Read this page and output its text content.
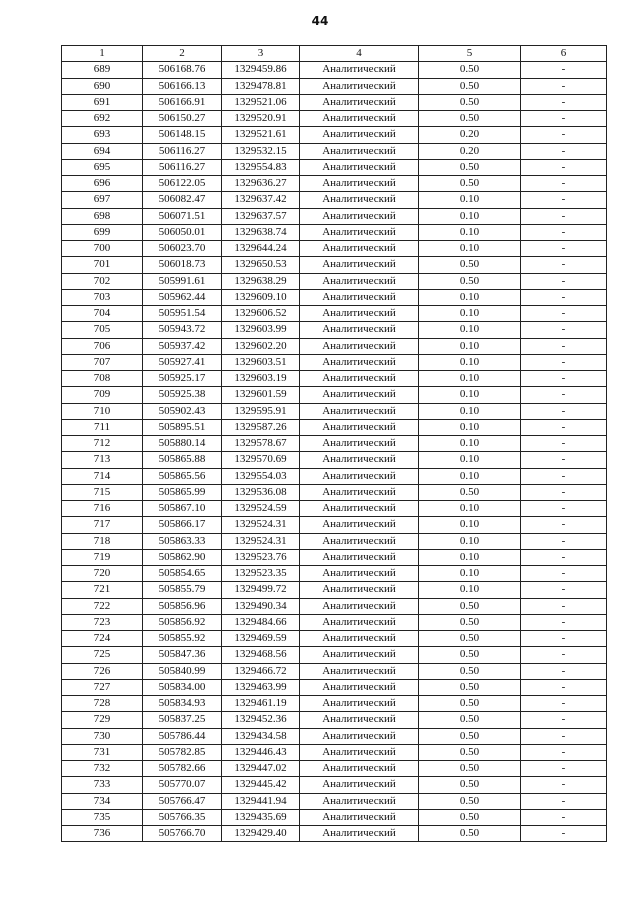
44
1	2	3	4	5	6
689	506168.76	1329459.86	Аналитический	0.50	-
690	506166.13	1329478.81	Аналитический	0.50	-
691	506166.91	1329521.06	Аналитический	0.50	-
692	506150.27	1329520.91	Аналитический	0.50	-
693	506148.15	1329521.61	Аналитический	0.20	-
694	506116.27	1329532.15	Аналитический	0.20	-
695	506116.27	1329554.83	Аналитический	0.50	-
696	506122.05	1329636.27	Аналитический	0.50	-
697	506082.47	1329637.42	Аналитический	0.10	-
698	506071.51	1329637.57	Аналитический	0.10	-
699	506050.01	1329638.74	Аналитический	0.10	-
700	506023.70	1329644.24	Аналитический	0.10	-
701	506018.73	1329650.53	Аналитический	0.50	-
702	505991.61	1329638.29	Аналитический	0.50	-
703	505962.44	1329609.10	Аналитический	0.10	-
704	505951.54	1329606.52	Аналитический	0.10	-
705	505943.72	1329603.99	Аналитический	0.10	-
706	505937.42	1329602.20	Аналитический	0.10	-
707	505927.41	1329603.51	Аналитический	0.10	-
708	505925.17	1329603.19	Аналитический	0.10	-
709	505925.38	1329601.59	Аналитический	0.10	-
710	505902.43	1329595.91	Аналитический	0.10	-
711	505895.51	1329587.26	Аналитический	0.10	-
712	505880.14	1329578.67	Аналитический	0.10	-
713	505865.88	1329570.69	Аналитический	0.10	-
714	505865.56	1329554.03	Аналитический	0.10	-
715	505865.99	1329536.08	Аналитический	0.50	-
716	505867.10	1329524.59	Аналитический	0.10	-
717	505866.17	1329524.31	Аналитический	0.10	-
718	505863.33	1329524.31	Аналитический	0.10	-
719	505862.90	1329523.76	Аналитический	0.10	-
720	505854.65	1329523.35	Аналитический	0.10	-
721	505855.79	1329499.72	Аналитический	0.10	-
722	505856.96	1329490.34	Аналитический	0.50	-
723	505856.92	1329484.66	Аналитический	0.50	-
724	505855.92	1329469.59	Аналитический	0.50	-
725	505847.36	1329468.56	Аналитический	0.50	-
726	505840.99	1329466.72	Аналитический	0.50	-
727	505834.00	1329463.99	Аналитический	0.50	-
728	505834.93	1329461.19	Аналитический	0.50	-
729	505837.25	1329452.36	Аналитический	0.50	-
730	505786.44	1329434.58	Аналитический	0.50	-
731	505782.85	1329446.43	Аналитический	0.50	-
732	505782.66	1329447.02	Аналитический	0.50	-
733	505770.07	1329445.42	Аналитический	0.50	-
734	505766.47	1329441.94	Аналитический	0.50	-
735	505766.35	1329435.69	Аналитический	0.50	-
736	505766.70	1329429.40	Аналитический	0.50	-
